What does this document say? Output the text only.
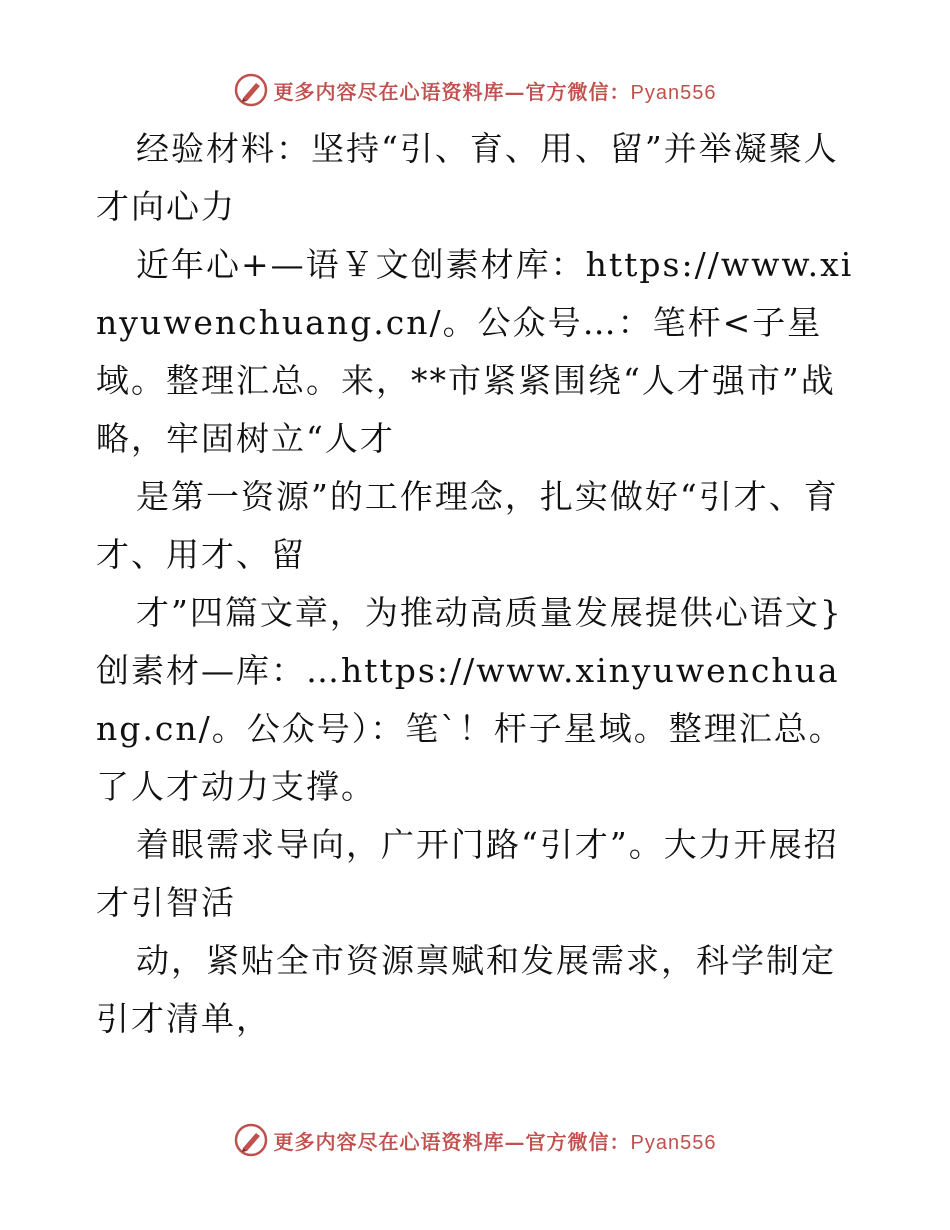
更多内容尽在心语资料库—官方微信：Pyan556

经验材料：坚持“引、育、用、留”并举凝聚人才向心力

近年心+—语￥文创素材库：https://www.xinyuwenchuang.cn/。公众号…：笔杆<子星域。整理汇总。来，**市紧紧围绕“人才强市”战略，牢固树立“人才

是第一资源”的工作理念，扎实做好“引才、育才、用才、留

才”四篇文章，为推动高质量发展提供心语文}创素材—库：…https://www.xinyuwenchuang.cn/。公众号）：笔`！杆子星域。整理汇总。了人才动力支撑。

着眼需求导向，广开门路“引才”。大力开展招才引智活

动，紧贴全市资源禀赋和发展需求，科学制定引才清单，

更多内容尽在心语资料库—官方微信：Pyan556
